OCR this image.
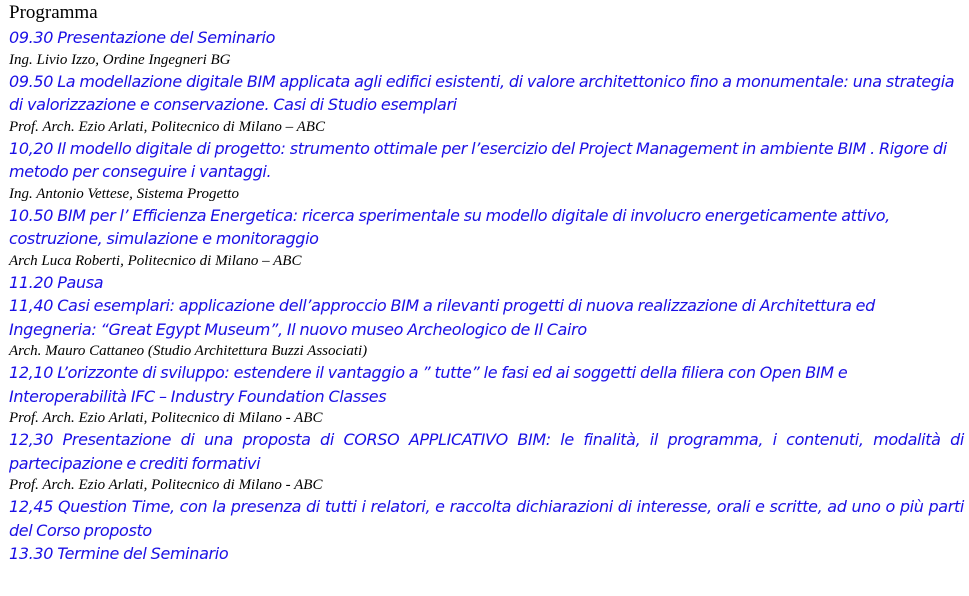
Programma
09.30 Presentazione del Seminario
Ing. Livio Izzo, Ordine Ingegneri BG
09.50 La modellazione digitale BIM applicata agli edifici esistenti, di valore architettonico fino a monumentale: una strategia di valorizzazione e conservazione. Casi di Studio esemplari
Prof. Arch. Ezio Arlati, Politecnico di Milano – ABC
10,20 Il modello digitale di progetto: strumento ottimale per l’esercizio del Project Management in ambiente BIM . Rigore di metodo per conseguire i vantaggi.
Ing. Antonio Vettese, Sistema Progetto
10.50 BIM per l’ Efficienza Energetica: ricerca sperimentale su modello digitale di involucro energeticamente attivo, costruzione, simulazione e monitoraggio
Arch Luca Roberti, Politecnico di Milano – ABC
11.20 Pausa
11,40 Casi esemplari: applicazione dell’approccio BIM a rilevanti progetti di nuova realizzazione di Architettura ed Ingegneria: “Great Egypt Museum”, Il nuovo museo Archeologico de Il Cairo
Arch. Mauro Cattaneo (Studio Architettura Buzzi Associati)
12,10 L’orizzonte di sviluppo: estendere il vantaggio a ” tutte” le fasi ed ai soggetti della filiera con Open BIM e Interoperabilità IFC – Industry Foundation Classes
Prof. Arch. Ezio Arlati, Politecnico di Milano - ABC
12,30 Presentazione di una proposta di CORSO APPLICATIVO BIM: le finalità, il programma, i contenuti, modalità di partecipazione e crediti formativi
Prof. Arch. Ezio Arlati, Politecnico di Milano - ABC
12,45 Question Time, con la presenza di tutti i relatori, e raccolta dichiarazioni di interesse, orali e scritte, ad uno o più parti del Corso proposto
13.30 Termine del Seminario
